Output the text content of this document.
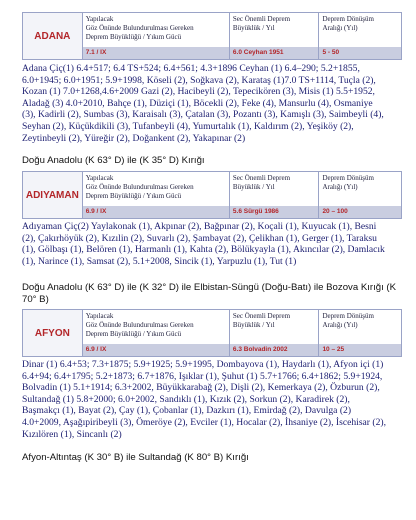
ADANA
Yapılacak
Göz Önünde Bulundurulması Gereken
Deprem Büyüklüğü / Yıkım Gücü
7.1 / IX
Sec Önemli Deprem
Büyüklük / Yıl
6.0 Ceyhan 1951
Deprem Dönüşüm
Aralığı (Yıl)
5 - 50
Adana Çiç(1) 6.4+517; 6.4 TS+524; 6.4+561; 4.3+1896 Ceyhan (1) 6.4–290; 5.2+1855, 6.0+1945; 6.0+1951; 5.9+1998, Köseli (2), Soğkava (2), Karataş (1)7.0 TS+1114, Tuçla (2), Kozan (1) 7.0+1268,4.6+2009 Gazi (2), Hacibeyli (2), Tepecikören (3), Misis (1) 5.5+1952, Aladağ (3) 4.0+2010, Bahçe (1), Düziçi (1), Böcekli (2), Feke (4), Mansurlu (4), Osmaniye (3), Kadirli (2), Sumbas (3), Karaisalı (3), Çatalan (3), Pozantı (3), Kamışlı (3), Saimbeyli (4), Seyhan (2), Küçükdikili (3), Tufanbeyli (4), Yumurtalık (1), Kaldırım (2), Yeşiköy (2), Zeytinbeyli (2), Yüreğir (2), Doğankent (2), Yakapınar (2)
Doğu Anadolu (K 63° D) ile (K 35° D) Kırığı
ADIYAMAN
Yapılacak
Göz Önünde Bulundurulması Gereken
Deprem Büyüklüğü / Yıkım Gücü
6.9 / IX
Sec Önemli Deprem
Büyüklük / Yıl
5.6 Sürgü 1986
Deprem Dönüşüm
Aralığı (Yıl)
20 – 100
Adıyaman Çiç(2) Yaylakonak (1), Akpınar (2), Bağpınar (2), Koçali (1), Kuyucak (1), Besni (2), Çakırhöyük (2), Kızılin (2), Suvarlı (2), Şambayat (2), Çelikhan (1), Gerger (1), Taraksu (1), Gölbaşı (1), Belören (1), Harmanlı (1), Kahta (2), Bölükyayla (1), Akıncılar (2), Damlacık (1), Narince (1), Samsat (2), 5.1+2008, Sincik (1), Yarpuzlu (1), Tut (1)
Doğu Anadolu (K 63° D) ile (K 32° D) ile Elbistan-Süngü (Doğu-Batı) ile Bozova Kırığı (K 70° B)
AFYON
Yapılacak
Göz Önünde Bulundurulması Gereken
Deprem Büyüklüğü / Yıkım Gücü
6.9 / IX
Sec Önemli Deprem
Büyüklük / Yıl
6.3 Bolvadin 2002
Deprem Dönüşüm
Aralığı (Yıl)
10 – 25
Dinar (1) 6.4+53; 7.3+1875; 5.9+1925; 5.9+1995, Dombayova (1), Haydarlı (1), Afyon içi (1) 6.4+94; 6.4+1795; 5.2+1873; 6.7+1876, Işıklar (1), Şuhut (1) 5.7+1766; 6.4+1862; 5.9+1924, Bolvadin (1) 5.1+1914; 6.3+2002, Büyükkarabağ (2), Dişli (2), Kemerkaya (2), Özburun (2), Sultandağ (1) 5.8+2000; 6.0+2002, Sandıklı (1), Kızık (2), Sorkun (2), Karadirek (2), Başmakçı (1), Bayat (2), Çay (1), Çobanlar (1), Dazkırı (1), Emirdağ (2), Davulga (2) 4.0+2009, Aşağıpiribeyli (3), Ömeröye (2), Evciler (1), Hocalar (2), İhsaniye (2), İscehisar (2), Kızılören (1), Sincanlı (2)
Afyon-Altıntaş (K 30° B) ile Sultandağ (K 80° B) Kırığı
